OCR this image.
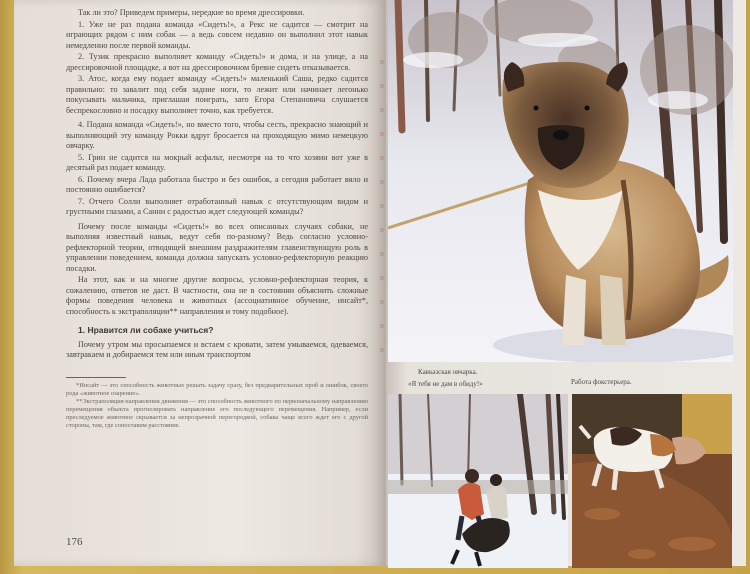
Так ли это? Приведем примеры, нередкие во время дрессировки.

1. Уже не раз подана команда «Сидеть!», а Рекс не садится — смотрит на играющих рядом с ним собак — а ведь совсем недавно он выполнил этот навык немедленно после первой команды.

2. Тузик прекрасно выполняет команду «Сидеть!» и дома, и на улице, а на дрессировочной площадке, а вот на дрессировочном бревне сидеть отказывается.

3. Атос, когда ему подает команду «Сидеть!» маленький Саша, редко садится правильно: то завалит под себя задние ноги, то лежит или начинает легонько покусывать мальчика, приглашая поиграть, зато Егора Степановича слушается беспрекословно и посадку выполняет точно, как требуется.

4. Подана команда «Сидеть!», но вместо того, чтобы сесть, прекрасно знающий и выполняющий эту команду Рокки вдруг бросается на проходящую мимо немецкую овчарку.

5. Грин не садится на мокрый асфальт, несмотря на то что хозяин вот уже в десятый раз подает команду.

6. Почему вчера Лада работала быстро и без ошибок, а сегодня работает вяло и постоянно ошибается?

7. Отчего Солли выполняет отработанный навык с отсутствующим видом и грустными глазами, а Санни с радостью ждет следующей команды?

Почему после команды «Сидеть!» во всех описанных случаях собаки, не выполняя известный навык, ведут себя по-разному? Ведь согласно условно-рефлекторной теории, отводящей внешним раздражителям главенствующую роль в управлении поведением, команда должна запускать условно-рефлекторную реакцию посадки.

На этот, как и на многие другие вопросы, условно-рефлекторная теория, к сожалению, ответов не даст. В частности, она не в состоянии объяснить сложные формы поведения человека и животных (ассоциативное обучение, инсайт*, способность к экстраполяции** направления и тому подобное).

1. Нравится ли собаке учиться?

Почему утром мы просыпаемся и встаем с кровати, затем умываемся, одеваемся, завтракаем и добираемся тем или иным транспортом

*Инсайт — это способность животных решать задачу сразу, без предварительных проб и ошибок, своего рода «животное озарение».

**Экстраполяция направления движения — это способность животного по первоначальному направлению перемещения объекта прогнозировать направление его последующего перемещения. Например, если преследуемое животное скрывается за непрозрачной перегородкой, собака чаще всего ждет его с другой стороны, там, где сопоставим расстояние.

176
Кавказская овчарка.
«Я тебя не дам в обиду!»	Работа фокстерьера.
